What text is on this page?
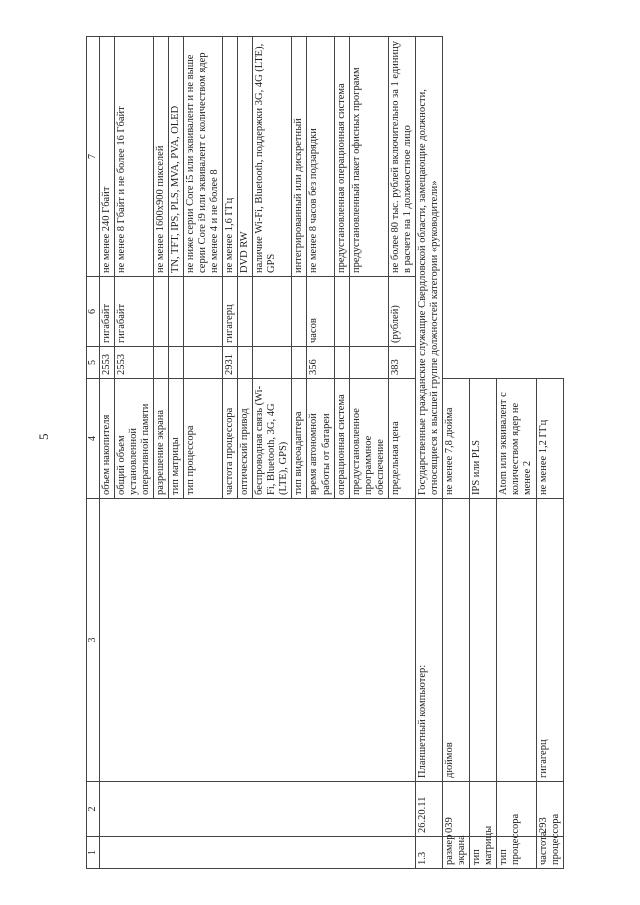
5
1	2	3	4	5	6	7
			объем накопителя	2553	гигабайт	не менее 240 Гбайт
			общий объем установленной оперативной памяти	2553	гигабайт	не менее 8 Гбайт и не более 16 Гбайт
			разрешение экрана			не менее 1600х900 пикселей
			тип матрицы			TN, TFT, IPS, PLS, MVA, PVA, OLED
			тип процессора			не ниже серии Core i5 или эквивалент и не выше серии Core i9 или эквивалент с количеством ядер не менее 4 и не более 8
			частота процессора	2931	гигагерц	не менее 1,6 ГГц
			оптический привод			DVD RW
			беспроводная связь (Wi-Fi, Bluetooth, 3G, 4G (LTE), GPS)			наличие Wi-Fi, Bluetooth, поддержки 3G, 4G (LTE), GPS
			тип видеоадаптера			интегрированный или дискретный
			время автономной работы от батареи	356	часов	не менее 8 часов без подзарядки
			операционная система			предустановленная операционная система
			предустановленное программное обеспечение			предустановленный пакет офисных программ
			предельная цена	383	(рублей)	не более 80 тыс. рублей включительно за 1 единицу в расчете на 1 должностное лицо
1.3	26.20.11	Планшетный компьютер:	Государственные гражданские служащие Свердловской области, замещающие должности, относящиеся к высшей группе должностей категории «руководители»			
размер экрана	039	дюймов	не менее 7,8 дюйма			
тип матрицы			IPS или PLS			
тип процессора			Atom или эквивалент с количеством ядер не менее 2			
частота процессора	293	гигагерц	не менее 1,2 ГГц			
